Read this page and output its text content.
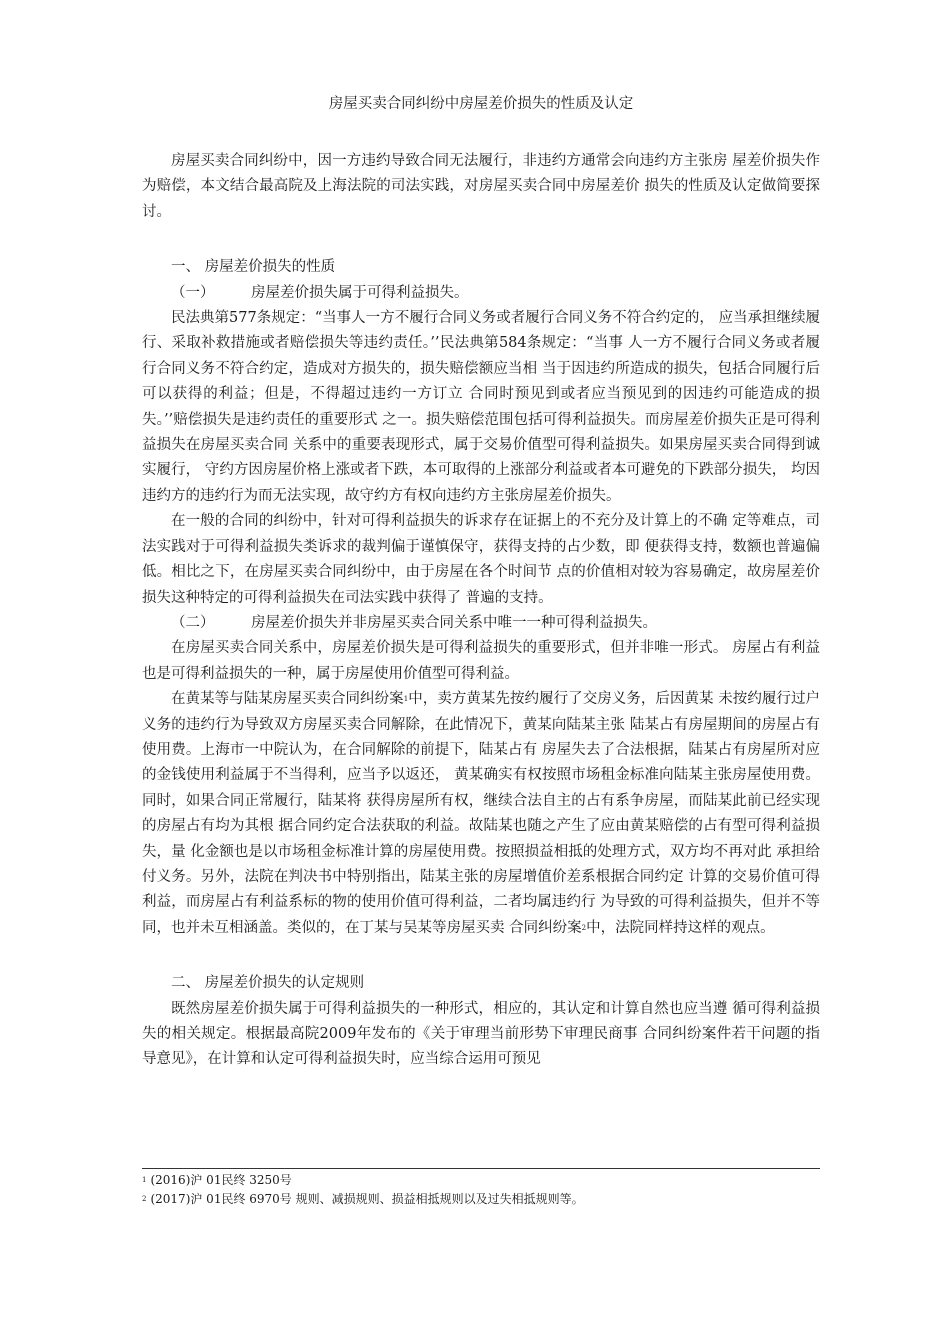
房屋买卖合同纠纷中房屋差价损失的性质及认定

房屋买卖合同纠纷中，因一方违约导致合同无法履行，非违约方通常会向违约方主张房 屋差价损失作为赔偿，本文结合最高院及上海法院的司法实践，对房屋买卖合同中房屋差价 损失的性质及认定做简要探讨。

一、 房屋差价损失的性质

（一）	房屋差价损失属于可得利益损失。

民法典第577条规定：“当事人一方不履行合同义务或者履行合同义务不符合约定的， 应当承担继续履行、采取补救措施或者赔偿损失等违约责任。’’民法典第584条规定：“当事 人一方不履行合同义务或者履行合同义务不符合约定，造成对方损失的，损失赔偿额应当相 当于因违约所造成的损失，包括合同履行后可以获得的利益；但是，不得超过违约一方订立 合同时预见到或者应当预见到的因违约可能造成的损失。’’赔偿损失是违约责任的重要形式 之一。损失赔偿范围包括可得利益损失。而房屋差价损失正是可得利益损失在房屋买卖合同 关系中的重要表现形式，属于交易价值型可得利益损失。如果房屋买卖合同得到诚实履行， 守约方因房屋价格上涨或者下跌，本可取得的上涨部分利益或者本可避免的下跌部分损失， 均因违约方的违约行为而无法实现，故守约方有权向违约方主张房屋差价损失。

在一般的合同的纠纷中，针对可得利益损失的诉求存在证据上的不充分及计算上的不确 定等难点，司法实践对于可得利益损失类诉求的裁判偏于谨慎保守，获得支持的占少数，即 便获得支持，数额也普遍偏低。相比之下，在房屋买卖合同纠纷中，由于房屋在各个时间节 点的价值相对较为容易确定，故房屋差价损失这种特定的可得利益损失在司法实践中获得了 普遍的支持。

（二）	房屋差价损失并非房屋买卖合同关系中唯一一种可得利益损失。

在房屋买卖合同关系中，房屋差价损失是可得利益损失的重要形式，但并非唯一形式。 房屋占有利益也是可得利益损失的一种，属于房屋使用价值型可得利益。

在黄某等与陆某房屋买卖合同纠纷案$^1$中，卖方黄某先按约履行了交房义务，后因黄某 未按约履行过户义务的违约行为导致双方房屋买卖合同解除，在此情况下，黄某向陆某主张 陆某占有房屋期间的房屋占有使用费。上海市一中院认为，在合同解除的前提下，陆某占有 房屋失去了合法根据，陆某占有房屋所对应的金钱使用利益属于不当得利，应当予以返还， 黄某确实有权按照市场租金标准向陆某主张房屋使用费。同时，如果合同正常履行，陆某将 获得房屋所有权，继续合法自主的占有系争房屋，而陆某此前已经实现的房屋占有均为其根 据合同约定合法获取的利益。故陆某也随之产生了应由黄某赔偿的占有型可得利益损失，量 化金额也是以市场租金标准计算的房屋使用费。按照损益相抵的处理方式，双方均不再对此 承担给付义务。另外，法院在判决书中特别指出，陆某主张的房屋增值价差系根据合同约定 计算的交易价值可得利益，而房屋占有利益系标的物的使用价值可得利益，二者均属违约行 为导致的可得利益损失，但并不等同，也并未互相涵盖。类似的，在丁某与吴某等房屋买卖 合同纠纷案$^2$中，法院同样持这样的观点。

二、 房屋差价损失的认定规则

既然房屋差价损失属于可得利益损失的一种形式，相应的，其认定和计算自然也应当遵 循可得利益损失的相关规定。根据最高院2009年发布的《关于审理当前形势下审理民商事 合同纠纷案件若干问题的指导意见》，在计算和认定可得利益损失时，应当综合运用可预见

$^1$ (2016)沪 01民终 3250号

$^2$ (2017)沪 01民终 6970号 规则、减损规则、损益相抵规则以及过失相抵规则等。
